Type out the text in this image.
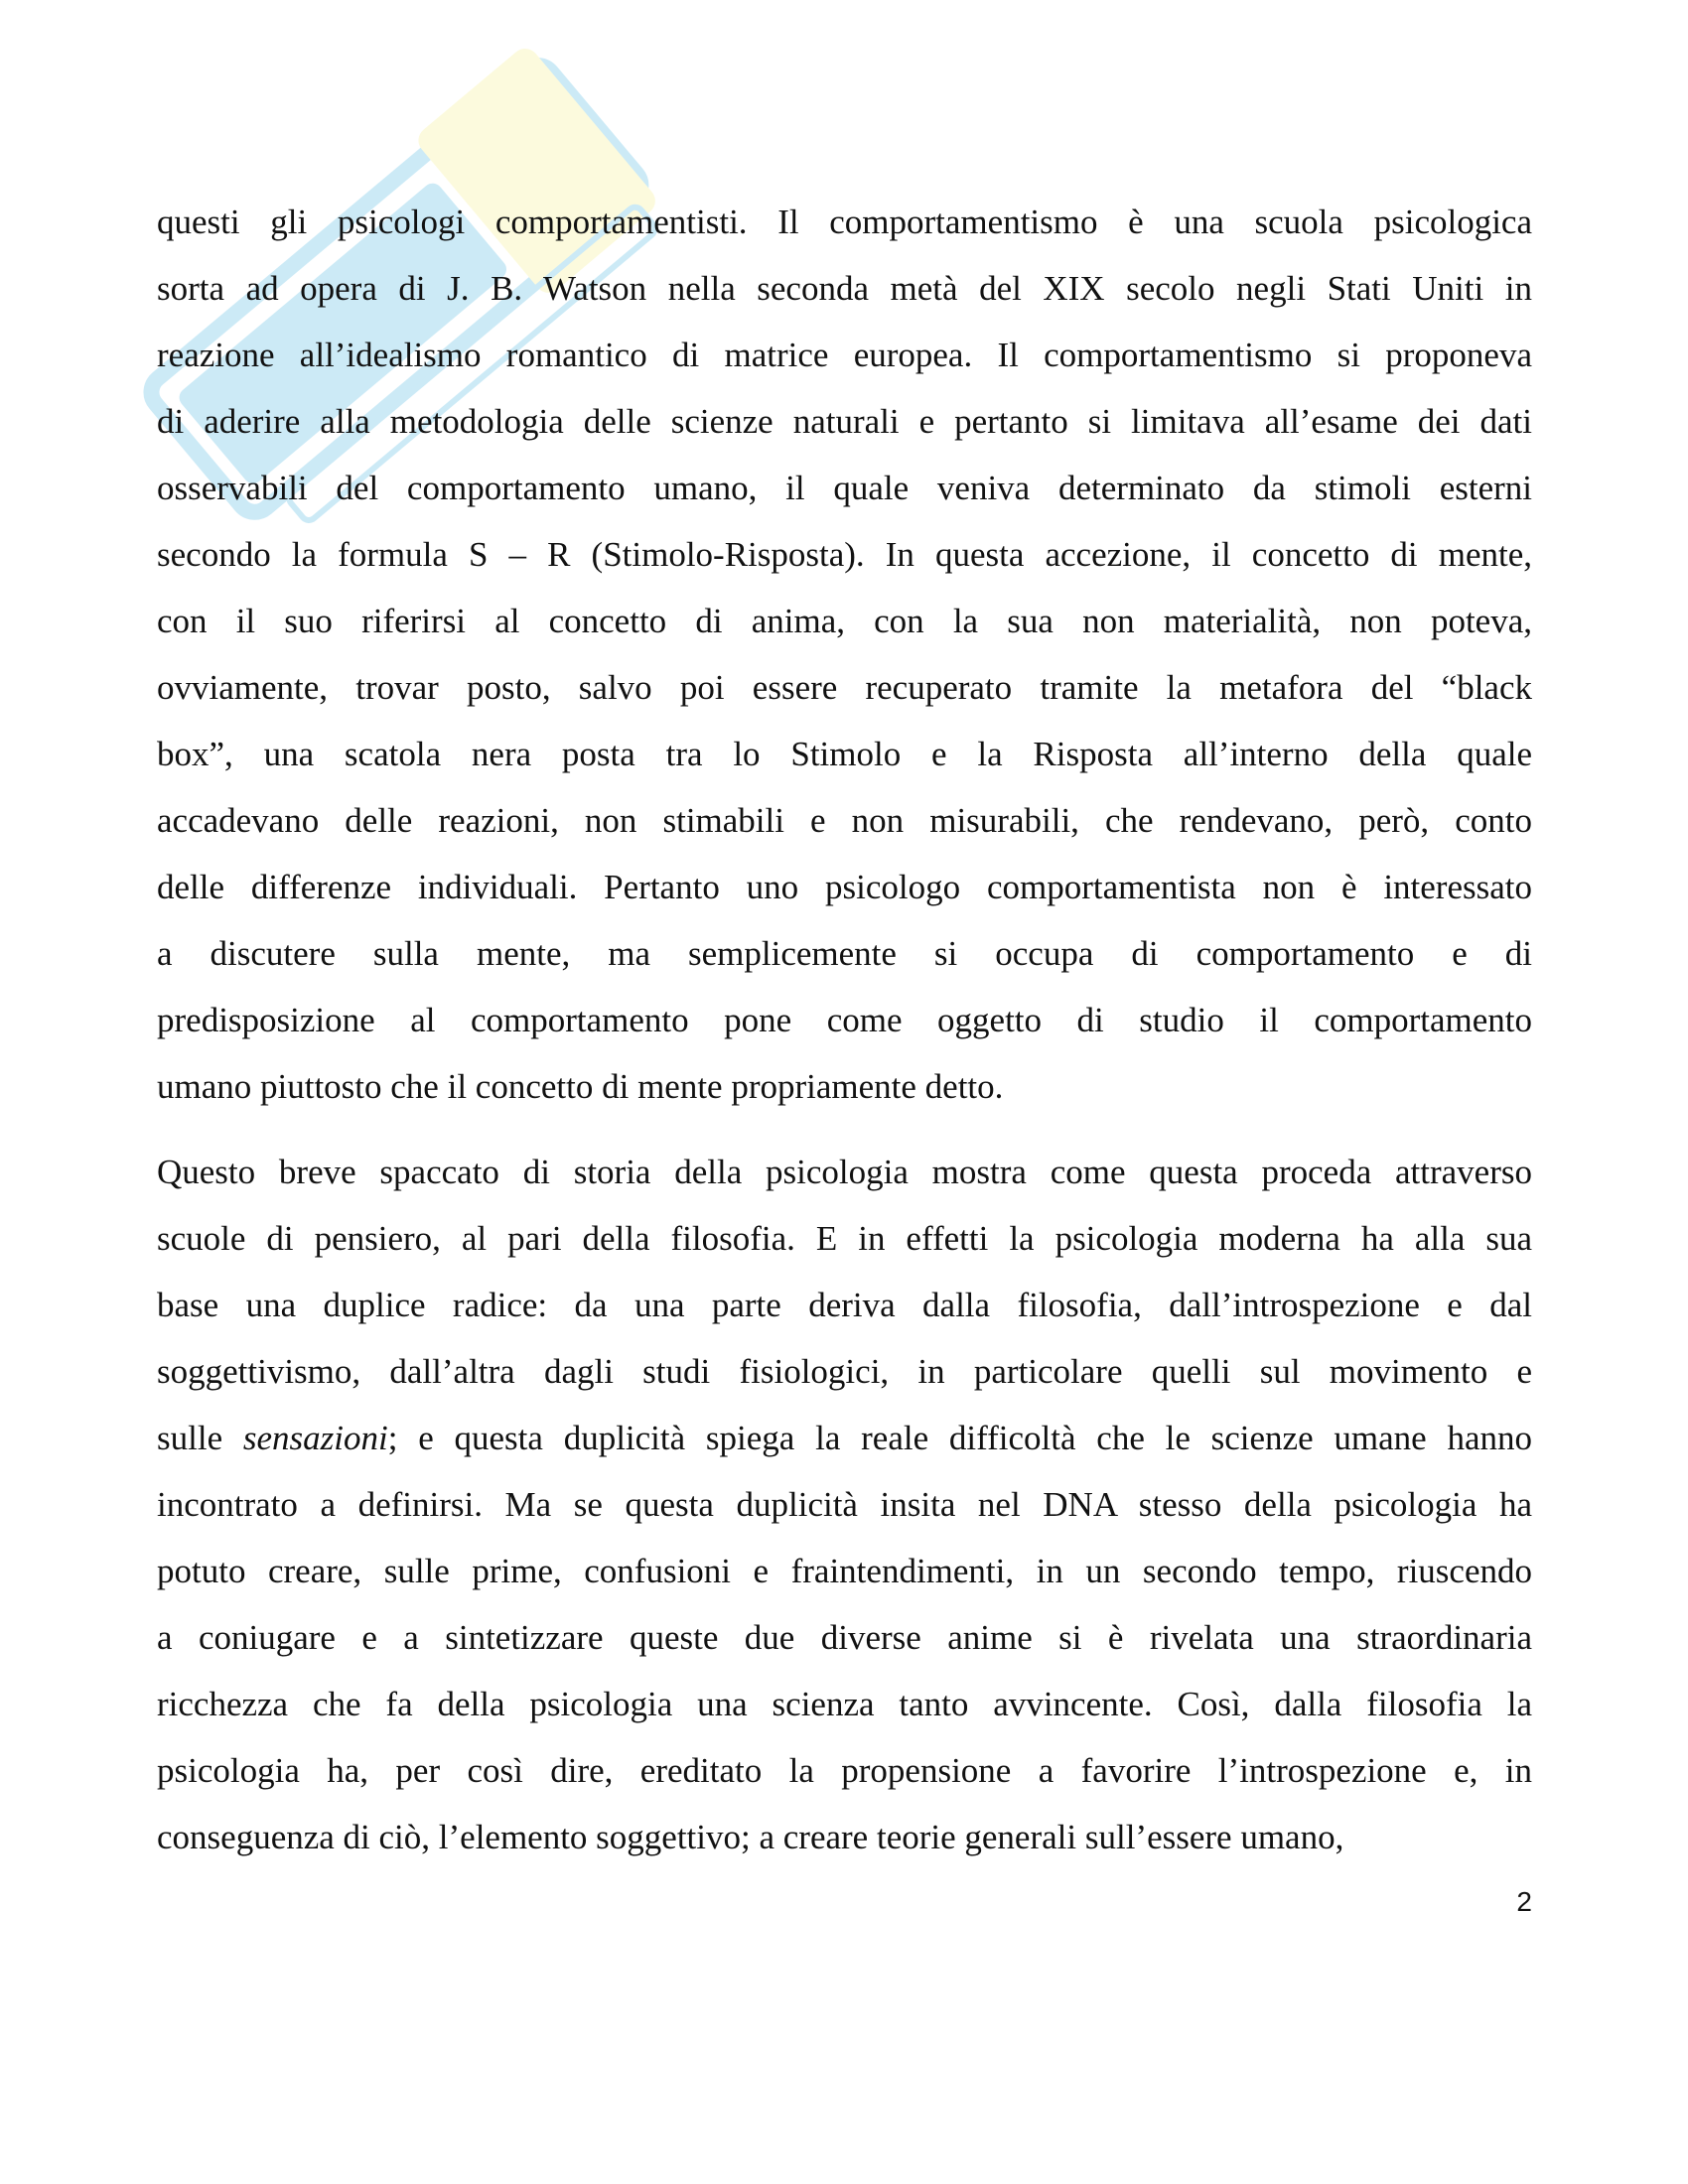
questi gli psicologi comportamentisti. Il comportamentismo è una scuola psicologica
sorta ad opera di J. B. Watson nella seconda metà del XIX secolo negli Stati Uniti in
reazione all’idealismo romantico di matrice europea. Il comportamentismo si proponeva
di aderire alla metodologia delle scienze naturali e pertanto si limitava all’esame dei dati
osservabili del comportamento umano, il quale veniva determinato da stimoli esterni
secondo la formula S – R (Stimolo-Risposta). In questa accezione, il concetto di mente,
con il suo riferirsi al concetto di anima, con la sua non materialità, non poteva,
ovviamente, trovar posto, salvo poi essere recuperato tramite la metafora del “black
box”, una scatola nera posta tra lo Stimolo e la Risposta all’interno della quale
accadevano delle reazioni, non stimabili e non misurabili, che rendevano, però, conto
delle differenze individuali. Pertanto uno psicologo comportamentista non è interessato
a discutere sulla mente, ma semplicemente si occupa di comportamento e di
predisposizione al comportamento pone come oggetto di studio il comportamento
umano piuttosto che il concetto di mente propriamente detto.
Questo breve spaccato di storia della psicologia mostra come questa proceda attraverso
scuole di pensiero, al pari della filosofia. E in effetti la psicologia moderna ha alla sua
base una duplice radice: da una parte deriva dalla filosofia, dall’introspezione e dal
soggettivismo, dall’altra dagli studi fisiologici, in particolare quelli sul movimento e
sulle sensazioni; e questa duplicità spiega la reale difficoltà che le scienze umane hanno
incontrato a definirsi. Ma se questa duplicità insita nel DNA stesso della psicologia ha
potuto creare, sulle prime, confusioni e fraintendimenti, in un secondo tempo, riuscendo
a coniugare e a sintetizzare queste due diverse anime si è rivelata una straordinaria
ricchezza che fa della psicologia una scienza tanto avvincente. Così, dalla filosofia la
psicologia ha, per così dire, ereditato la propensione a favorire l’introspezione e, in
conseguenza di ciò, l’elemento soggettivo; a creare teorie generali sull’essere umano,
2
